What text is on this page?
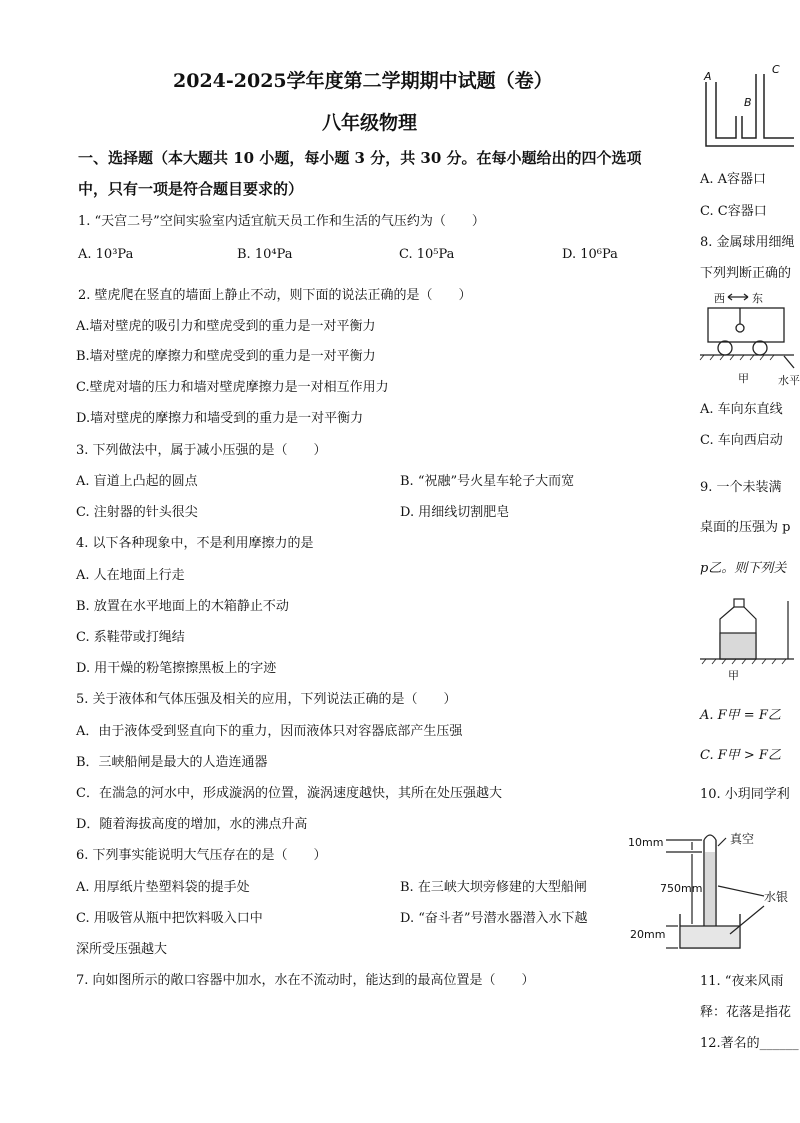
2024-2025学年度第二学期期中试题（卷）
八年级物理
一、选择题（本大题共 10 小题，每小题 3 分，共 30 分。在每小题给出的四个选项
中，只有一项是符合题目要求的）
1. “天宫二号”空间实验室内适宜航天员工作和生活的气压约为（　　）
A. 10³Pa	B. 10⁴Pa	C. 10⁵Pa	D. 10⁶Pa
2. 壁虎爬在竖直的墙面上静止不动，则下面的说法正确的是（　　）
A.墙对壁虎的吸引力和壁虎受到的重力是一对平衡力
B.墙对壁虎的摩擦力和壁虎受到的重力是一对平衡力
C.壁虎对墙的压力和墙对壁虎摩擦力是一对相互作用力
D.墙对壁虎的摩擦力和墙受到的重力是一对平衡力
3. 下列做法中，属于减小压强的是（　　）
A. 盲道上凸起的圆点	B. “祝融”号火星车轮子大而宽
C. 注射器的针头很尖	D. 用细线切割肥皂
4. 以下各种现象中，不是利用摩擦力的是
A. 人在地面上行走
B. 放置在水平地面上的木箱静止不动
C. 系鞋带或打绳结
D. 用干燥的粉笔擦擦黑板上的字迹
5. 关于液体和气体压强及相关的应用，下列说法正确的是（　　）
A．由于液体受到竖直向下的重力，因而液体只对容器底部产生压强
B．三峡船闸是最大的人造连通器
C．在湍急的河水中，形成漩涡的位置，漩涡速度越快，其所在处压强越大
D．随着海拔高度的增加，水的沸点升高
6. 下列事实能说明大气压存在的是（　　）
A. 用厚纸片垫塑料袋的提手处	B. 在三峡大坝旁修建的大型船闸
C. 用吸管从瓶中把饮料吸入口中	D. “奋斗者”号潜水器潜入水下越
深所受压强越大
7. 向如图所示的敞口容器中加水，水在不流动时，能达到的最高位置是（　　）
A
B
C
A. A容器口
C. C容器口
8. 金属球用细绳
下列判断正确的
西 东
甲	水平
A. 车向东直线
C. 车向西启动
9. 一个未装满
桌面的压强为 p
p乙。则下列关
甲
A. F甲 = F乙
C. F甲 > F乙
10. 小玥同学利
10mm	真空
750mm
水银
20mm
11. “夜来风雨
释：花落是指花
12.著名的______
